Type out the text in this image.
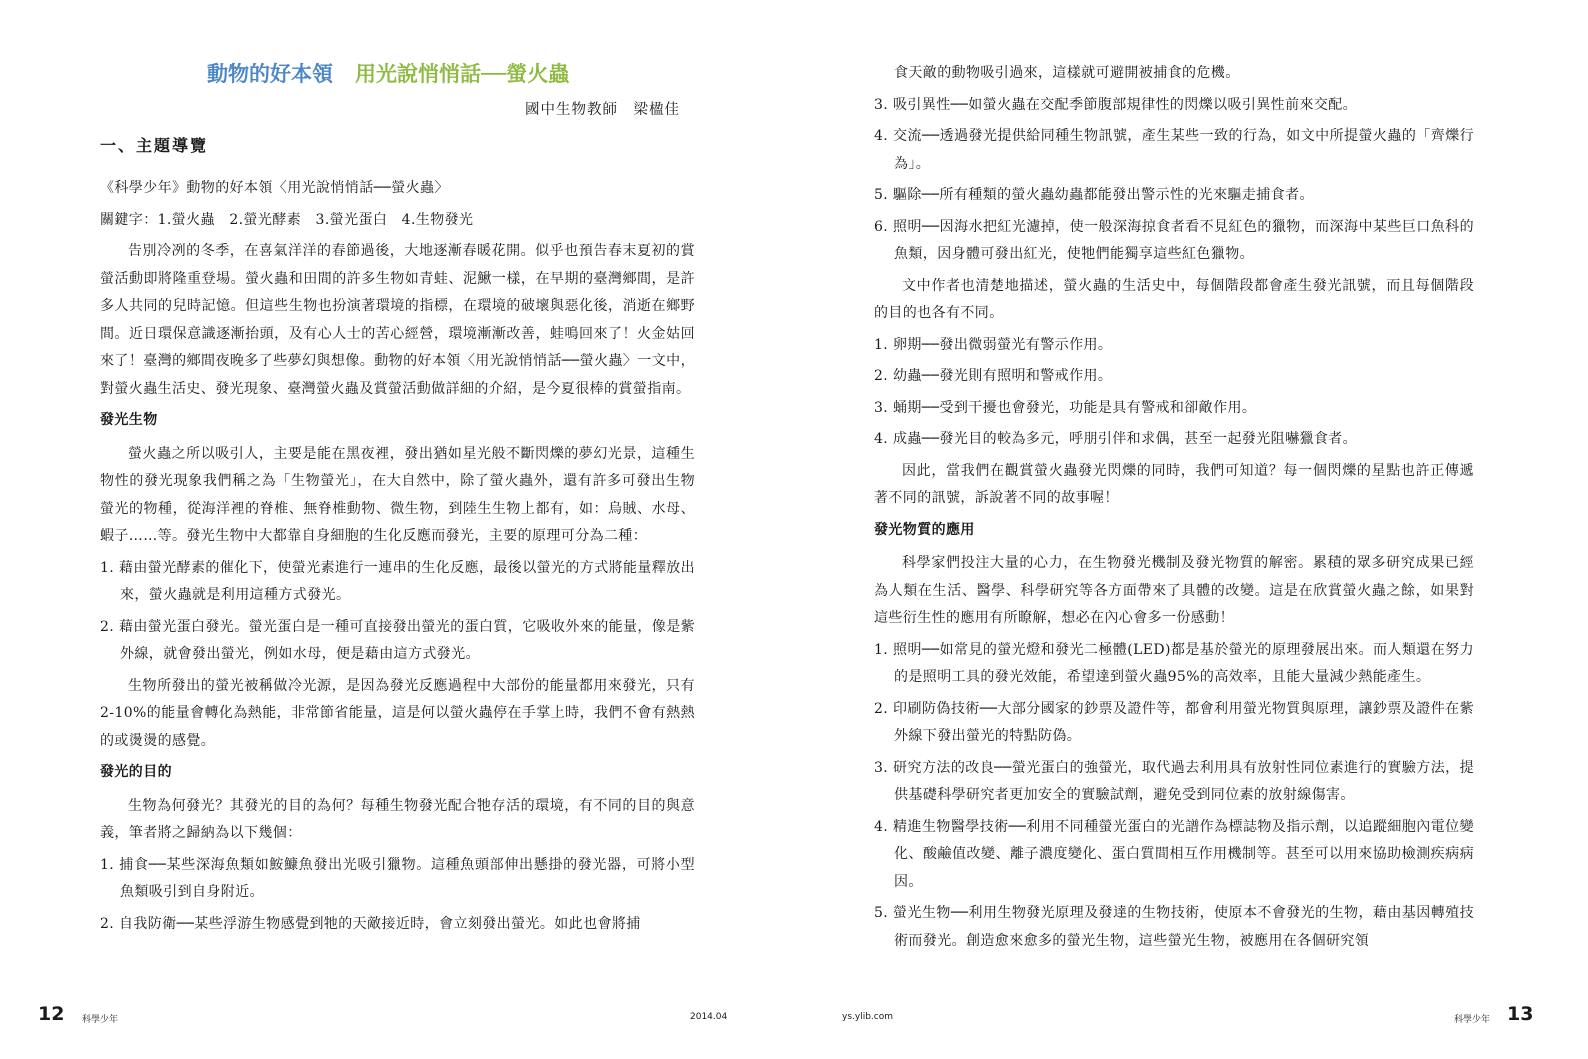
動物的好本領 用光說悄悄話──螢火蟲
國中生物教師　梁楹佳
一、主題導覽

《科學少年》動物的好本領〈用光說悄悄話──螢火蟲〉

關鍵字：1.螢火蟲　2.螢光酵素　3.螢光蛋白　4.生物發光

告別冷冽的冬季，在喜氣洋洋的春節過後，大地逐漸春暖花開。似乎也預告春末夏初的賞螢活動即將隆重登場。螢火蟲和田間的許多生物如青蛙、泥鰍一樣，在早期的臺灣鄉間，是許多人共同的兒時記憶。但這些生物也扮演著環境的指標，在環境的破壞與惡化後，消逝在鄉野間。近日環保意識逐漸抬頭，及有心人士的苦心經營，環境漸漸改善，蛙鳴回來了！火金姑回來了！臺灣的鄉間夜晚多了些夢幻與想像。動物的好本領〈用光說悄悄話──螢火蟲〉一文中，對螢火蟲生活史、發光現象、臺灣螢火蟲及賞螢活動做詳細的介紹，是今夏很棒的賞螢指南。

發光生物

螢火蟲之所以吸引人，主要是能在黑夜裡，發出猶如星光般不斷閃爍的夢幻光景，這種生物性的發光現象我們稱之為「生物螢光」，在大自然中，除了螢火蟲外，還有許多可發出生物螢光的物種，從海洋裡的脊椎、無脊椎動物、微生物，到陸生生物上都有，如：烏賊、水母、蝦子……等。發光生物中大都靠自身細胞的生化反應而發光，主要的原理可分為二種：

1. 藉由螢光酵素的催化下，使螢光素進行一連串的生化反應，最後以螢光的方式將能量釋放出來，螢火蟲就是利用這種方式發光。
2. 藉由螢光蛋白發光。螢光蛋白是一種可直接發出螢光的蛋白質，它吸收外來的能量，像是紫外線，就會發出螢光，例如水母，便是藉由這方式發光。

生物所發出的螢光被稱做冷光源，是因為發光反應過程中大部份的能量都用來發光，只有2-10%的能量會轉化為熱能，非常節省能量，這是何以螢火蟲停在手掌上時，我們不會有熱熱的或燙燙的感覺。

發光的目的

生物為何發光？其發光的目的為何？每種生物發光配合牠存活的環境，有不同的目的與意義，筆者將之歸納為以下幾個：

1. 捕食──某些深海魚類如鮟鱇魚發出光吸引獵物。這種魚頭部伸出懸掛的發光器，可將小型魚類吸引到自身附近。
2. 自我防衛──某些浮游生物感覺到牠的天敵接近時，會立刻發出螢光。如此也會將捕
12 科學少年	2014.04

食天敵的動物吸引過來，這樣就可避開被捕食的危機。

3. 吸引異性──如螢火蟲在交配季節腹部規律性的閃爍以吸引異性前來交配。
4. 交流──透過發光提供給同種生物訊號，產生某些一致的行為，如文中所提螢火蟲的「齊爍行為」。
5. 驅除──所有種類的螢火蟲幼蟲都能發出警示性的光來驅走捕食者。
6. 照明──因海水把紅光濾掉，使一般深海掠食者看不見紅色的獵物，而深海中某些巨口魚科的魚類，因身體可發出紅光，使牠們能獨享這些紅色獵物。

文中作者也清楚地描述，螢火蟲的生活史中，每個階段都會產生發光訊號，而且每個階段的目的也各有不同。

1. 卵期──發出微弱螢光有警示作用。
2. 幼蟲──發光則有照明和警戒作用。
3. 蛹期──受到干擾也會發光，功能是具有警戒和卻敵作用。
4. 成蟲──發光目的較為多元，呼朋引伴和求偶，甚至一起發光阻嚇獵食者。

因此，當我們在觀賞螢火蟲發光閃爍的同時，我們可知道？每一個閃爍的星點也許正傳遞著不同的訊號，訴說著不同的故事喔！

發光物質的應用

科學家們投注大量的心力，在生物發光機制及發光物質的解密。累積的眾多研究成果已經為人類在生活、醫學、科學研究等各方面帶來了具體的改變。這是在欣賞螢火蟲之餘，如果對這些衍生性的應用有所瞭解，想必在內心會多一份感動！

1. 照明──如常見的螢光燈和發光二極體(LED)都是基於螢光的原理發展出來。而人類還在努力的是照明工具的發光效能，希望達到螢火蟲95%的高效率，且能大量減少熱能產生。
2. 印刷防偽技術──大部分國家的鈔票及證件等，都會利用螢光物質與原理，讓鈔票及證件在紫外線下發出螢光的特點防偽。
3. 研究方法的改良──螢光蛋白的強螢光，取代過去利用具有放射性同位素進行的實驗方法，提供基礎科學研究者更加安全的實驗試劑，避免受到同位素的放射線傷害。
4. 精進生物醫學技術──利用不同種螢光蛋白的光譜作為標誌物及指示劑，以追蹤細胞內電位變化、酸鹼值改變、離子濃度變化、蛋白質間相互作用機制等。甚至可以用來協助檢測疾病病因。
5. 螢光生物──利用生物發光原理及發達的生物技術，使原本不會發光的生物，藉由基因轉殖技術而發光。創造愈來愈多的螢光生物，這些螢光生物，被應用在各個研究領
ys.ylib.com	科學少年 13
